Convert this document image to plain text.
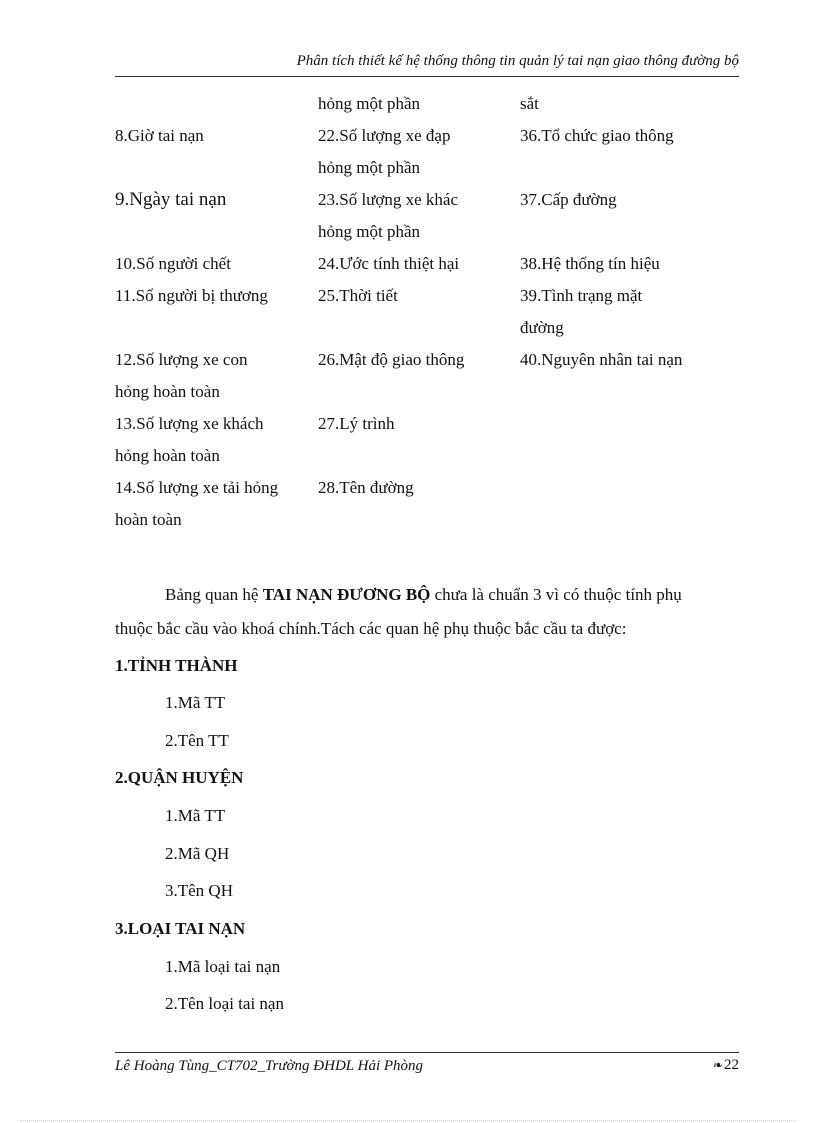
Phân tích thiết kế hệ thống thông tin quản lý tai nạn giao thông đường bộ
hỏng một phần	sắt
8.Giờ tai nạn	22.Số lượng xe đạp	36.Tổ chức giao thông
hỏng một phần
9.Ngày tai nạn	23.Số lượng xe khác	37.Cấp đường
hỏng một phần
10.Số người chết	24.Ước tính thiệt hại	38.Hệ thống tín hiệu
11.Số người bị thương	25.Thời tiết	39.Tình trạng mặt
đường
12.Số lượng xe con	26.Mật độ giao thông	40.Nguyên nhân tai nạn
hỏng hoàn toàn
13.Số lượng xe khách	27.Lý trình
hỏng hoàn toàn
14.Số lượng xe tải hỏng	28.Tên đường
hoàn toàn
Bảng quan hệ TAI NẠN ĐƯƠNG BỘ chưa là chuẩn 3 vì có thuộc tính phụ thuộc bắc cầu vào khoá chính.Tách các quan hệ phụ thuộc bắc cầu ta được:
1.TỈNH THÀNH
1.Mã TT
2.Tên TT
2.QUẬN HUYỆN
1.Mã TT
2.Mã QH
3.Tên QH
3.LOẠI TAI NẠN
1.Mã loại tai nạn
2.Tên loại tai nạn
Lê Hoàng Tùng_CT702_Trường ĐHDL Hải Phòng	❧22
